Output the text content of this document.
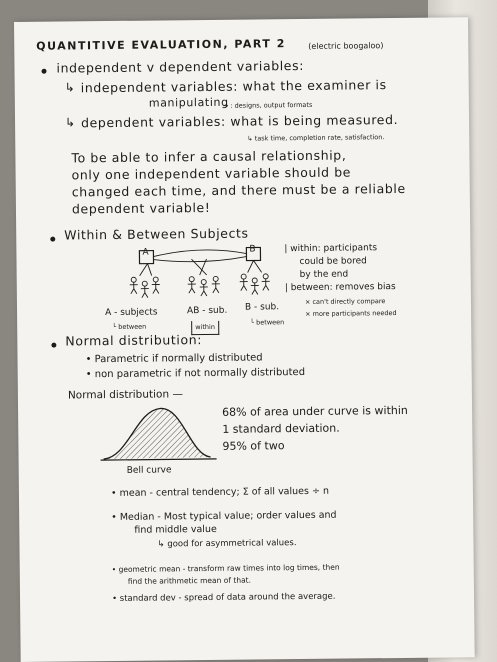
QUANTITIVE EVALUATION, PART 2	(electric boogaloo)
independent v dependent variables:
↳ independent variables: what the examiner is
manipulating
→ : designs, output formats
↳ dependent variables: what is being measured.
↳ task time, completion rate, satisfaction.
To be able to infer a causal relationship,
only one independent variable should be
changed each time, and there must be a reliable
dependent variable!
Within & Between Subjects
A	B
A - subjects
└ between
AB - sub.
within
B - sub.
└ between
| within: participants
could be bored
by the end
| between: removes bias
× can't directly compare
× more participants needed
Normal distribution:
• Parametric if normally distributed
• non parametric if not normally distributed
Normal distribution —
Bell curve
68% of area under curve is within
1 standard deviation.
95% of two
• mean - central tendency; Σ of all values ÷ n
• Median - Most typical value; order values and
find middle value
↳ good for asymmetrical values.
• geometric mean - transform raw times into log times, then
find the arithmetic mean of that.
• standard dev - spread of data around the average.
